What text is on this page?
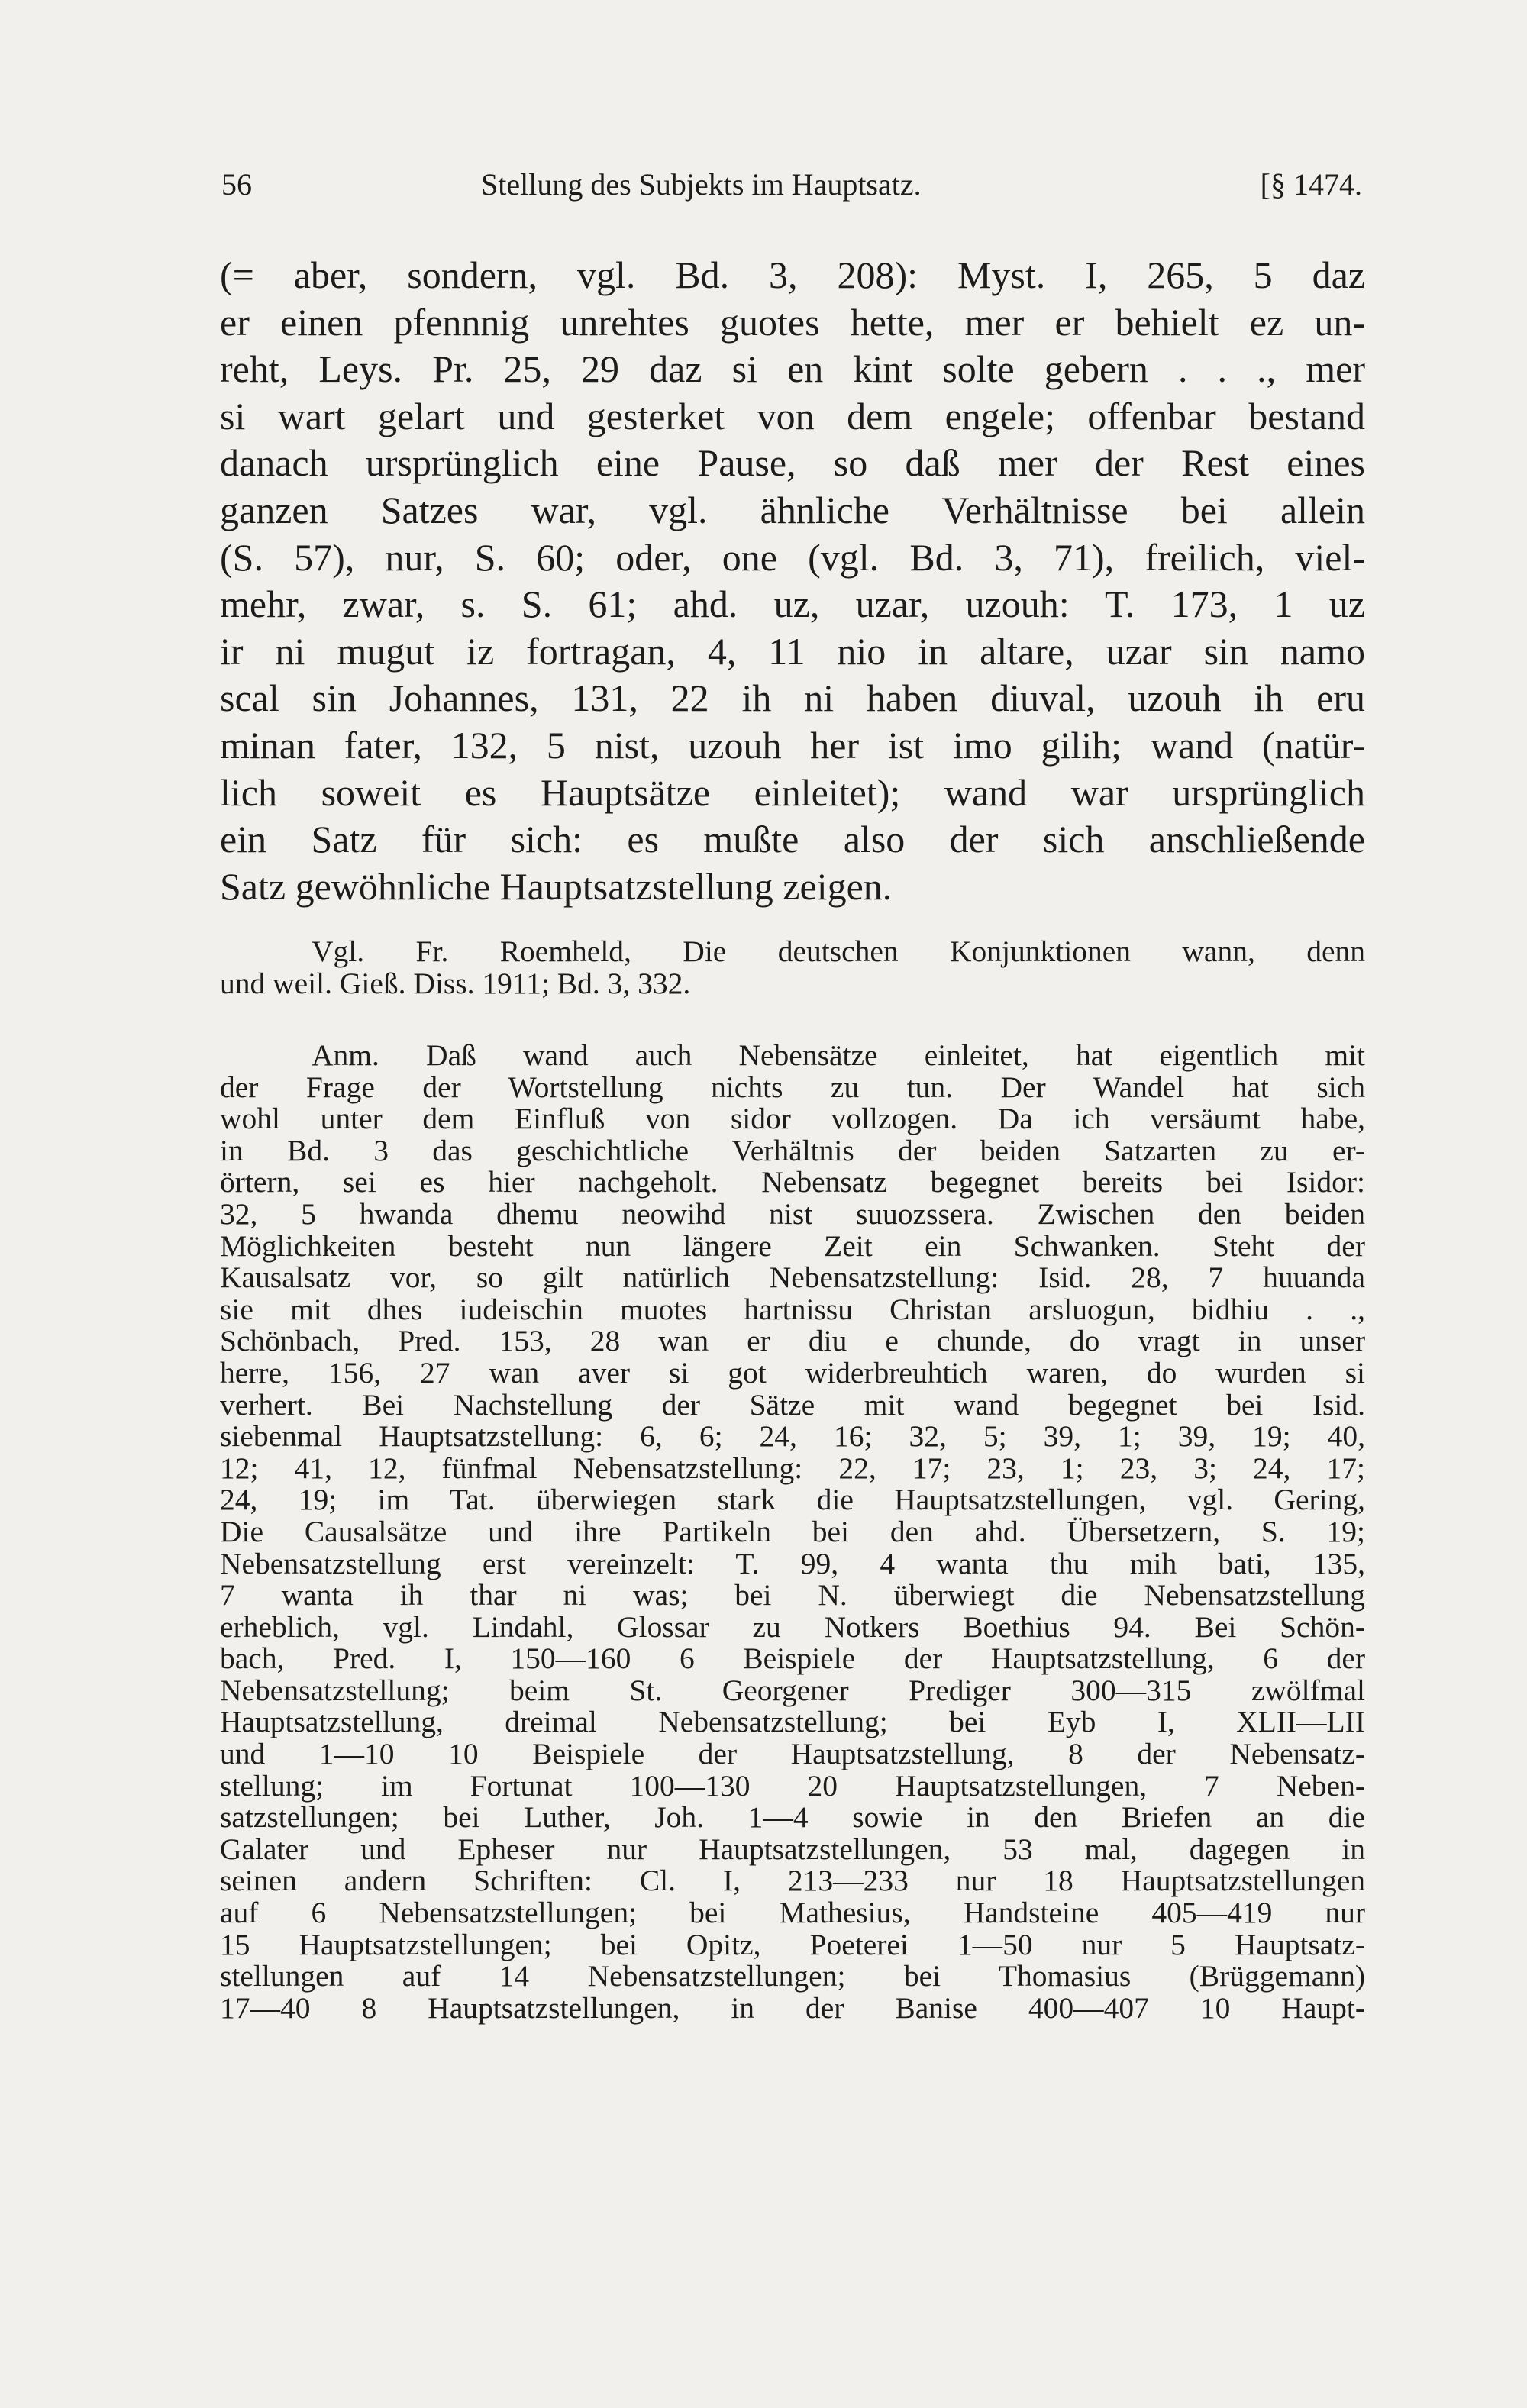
56	Stellung des Subjekts im Hauptsatz.	[§ 1474.

(= aber, sondern, vgl. Bd. 3, 208): Myst. I, 265, 5 daz
er einen pfennnig unrehtes guotes hette, mer er behielt ez un-
reht, Leys. Pr. 25, 29 daz si en kint solte gebern . . ., mer
si wart gelart und gesterket von dem engele; offenbar bestand
danach ursprünglich eine Pause, so daß mer der Rest eines
ganzen Satzes war, vgl. ähnliche Verhältnisse bei allein
(S. 57), nur, S. 60; oder, one (vgl. Bd. 3, 71), freilich, viel-
mehr, zwar, s. S. 61; ahd. uz, uzar, uzouh: T. 173, 1 uz
ir ni mugut iz fortragan, 4, 11 nio in altare, uzar sin namo
scal sin Johannes, 131, 22 ih ni haben diuval, uzouh ih eru
minan fater, 132, 5 nist, uzouh her ist imo gilih; wand (natür-
lich soweit es Hauptsätze einleitet); wand war ursprünglich
ein Satz für sich: es mußte also der sich anschließende
Satz gewöhnliche Hauptsatzstellung zeigen.

Vgl. Fr. Roemheld, Die deutschen Konjunktionen wann, denn
und weil. Gieß. Diss. 1911; Bd. 3, 332.

Anm. Daß wand auch Nebensätze einleitet, hat eigentlich mit
der Frage der Wortstellung nichts zu tun. Der Wandel hat sich
wohl unter dem Einfluß von sidor vollzogen. Da ich versäumt habe,
in Bd. 3 das geschichtliche Verhältnis der beiden Satzarten zu er-
örtern, sei es hier nachgeholt. Nebensatz begegnet bereits bei Isidor:
32, 5 hwanda dhemu neowihd nist suuozssera. Zwischen den beiden
Möglichkeiten besteht nun längere Zeit ein Schwanken. Steht der
Kausalsatz vor, so gilt natürlich Nebensatzstellung: Isid. 28, 7 huuanda
sie mit dhes iudeischin muotes hartnissu Christan arsluogun, bidhiu . .,
Schönbach, Pred. 153, 28 wan er diu e chunde, do vragt in unser
herre, 156, 27 wan aver si got widerbreuhtich waren, do wurden si
verhert. Bei Nachstellung der Sätze mit wand begegnet bei Isid.
siebenmal Hauptsatzstellung: 6, 6; 24, 16; 32, 5; 39, 1; 39, 19; 40,
12; 41, 12, fünfmal Nebensatzstellung: 22, 17; 23, 1; 23, 3; 24, 17;
24, 19; im Tat. überwiegen stark die Hauptsatzstellungen, vgl. Gering,
Die Causalsätze und ihre Partikeln bei den ahd. Übersetzern, S. 19;
Nebensatzstellung erst vereinzelt: T. 99, 4 wanta thu mih bati, 135,
7 wanta ih thar ni was; bei N. überwiegt die Nebensatzstellung
erheblich, vgl. Lindahl, Glossar zu Notkers Boethius 94. Bei Schön-
bach, Pred. I, 150—160 6 Beispiele der Hauptsatzstellung, 6 der
Nebensatzstellung; beim St. Georgener Prediger 300—315 zwölfmal
Hauptsatzstellung, dreimal Nebensatzstellung; bei Eyb I, XLII—LII
und 1—10 10 Beispiele der Hauptsatzstellung, 8 der Nebensatz-
stellung; im Fortunat 100—130 20 Hauptsatzstellungen, 7 Neben-
satzstellungen; bei Luther, Joh. 1—4 sowie in den Briefen an die
Galater und Epheser nur Hauptsatzstellungen, 53 mal, dagegen in
seinen andern Schriften: Cl. I, 213—233 nur 18 Hauptsatzstellungen
auf 6 Nebensatzstellungen; bei Mathesius, Handsteine 405—419 nur
15 Hauptsatzstellungen; bei Opitz, Poeterei 1—50 nur 5 Hauptsatz-
stellungen auf 14 Nebensatzstellungen; bei Thomasius (Brüggemann)
17—40 8 Hauptsatzstellungen, in der Banise 400—407 10 Haupt-
